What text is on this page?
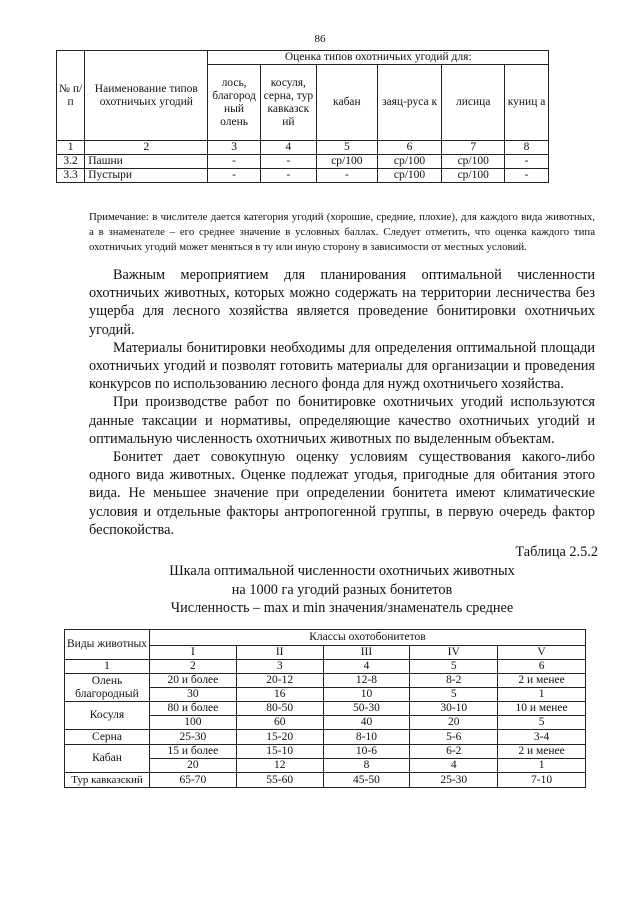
86
№ п/п	Наименование типов охотничьих угодий	Оценка типов охотничьих угодий для:					
		лось, благород ный олень	косуля, серна, тур кавказск ий	кабан	заяц-руса к	лисица	куниц а
1	2	3	4	5	6	7	8
3.2	Пашни	-	-	ср/100	ср/100	ср/100	-
3.3	Пустыри	-	-	-	ср/100	ср/100	-
Примечание: в числителе дается категория угодий (хорошие, средние, плохие), для каждого вида животных, а в знаменателе – его среднее значение в условных баллах. Следует отметить, что оценка каждого типа охотничьих угодий может меняться в ту или иную сторону в зависимости от местных условий.

Важным мероприятием для планирования оптимальной численности охотничьих животных, которых можно содержать на территории лесничества без ущерба для лесного хозяйства является проведение бонитировки охотничьих угодий.

Материалы бонитировки необходимы для определения оптимальной площади охотничьих угодий и позволят готовить материалы для организации и проведения конкурсов по использованию лесного фонда для нужд охотничьего хозяйства.

При производстве работ по бонитировке охотничьих угодий используются данные таксации и нормативы, определяющие качество охотничьих угодий и оптимальную численность охотничьих животных по выделенным объектам.

Бонитет дает совокупную оценку условиям существования какого-либо одного вида животных. Оценке подлежат угодья, пригодные для обитания этого вида. Не меньшее значение при определении бонитета имеют климатические условия и отдельные факторы антропогенной группы, в первую очередь фактор беспокойства.

Таблица 2.5.2
Шкала оптимальной численности охотничьих животных
на 1000 га угодий разных бонитетов
Численность – max и min значения/знаменатель среднее
Виды животных	Классы охотобонитетов				
	I	II	III	IV	V
1	2	3	4	5	6
Олень благородный	20 и более	20-12	12-8	8-2	2 и менее
	30	16	10	5	1
Косуля	80 и более	80-50	50-30	30-10	10 и менее
	100	60	40	20	5
Серна	25-30	15-20	8-10	5-6	3-4
Кабан	15 и более	15-10	10-6	6-2	2 и менее
	20	12	8	4	1
Тур кавказский	65-70	55-60	45-50	25-30	7-10
